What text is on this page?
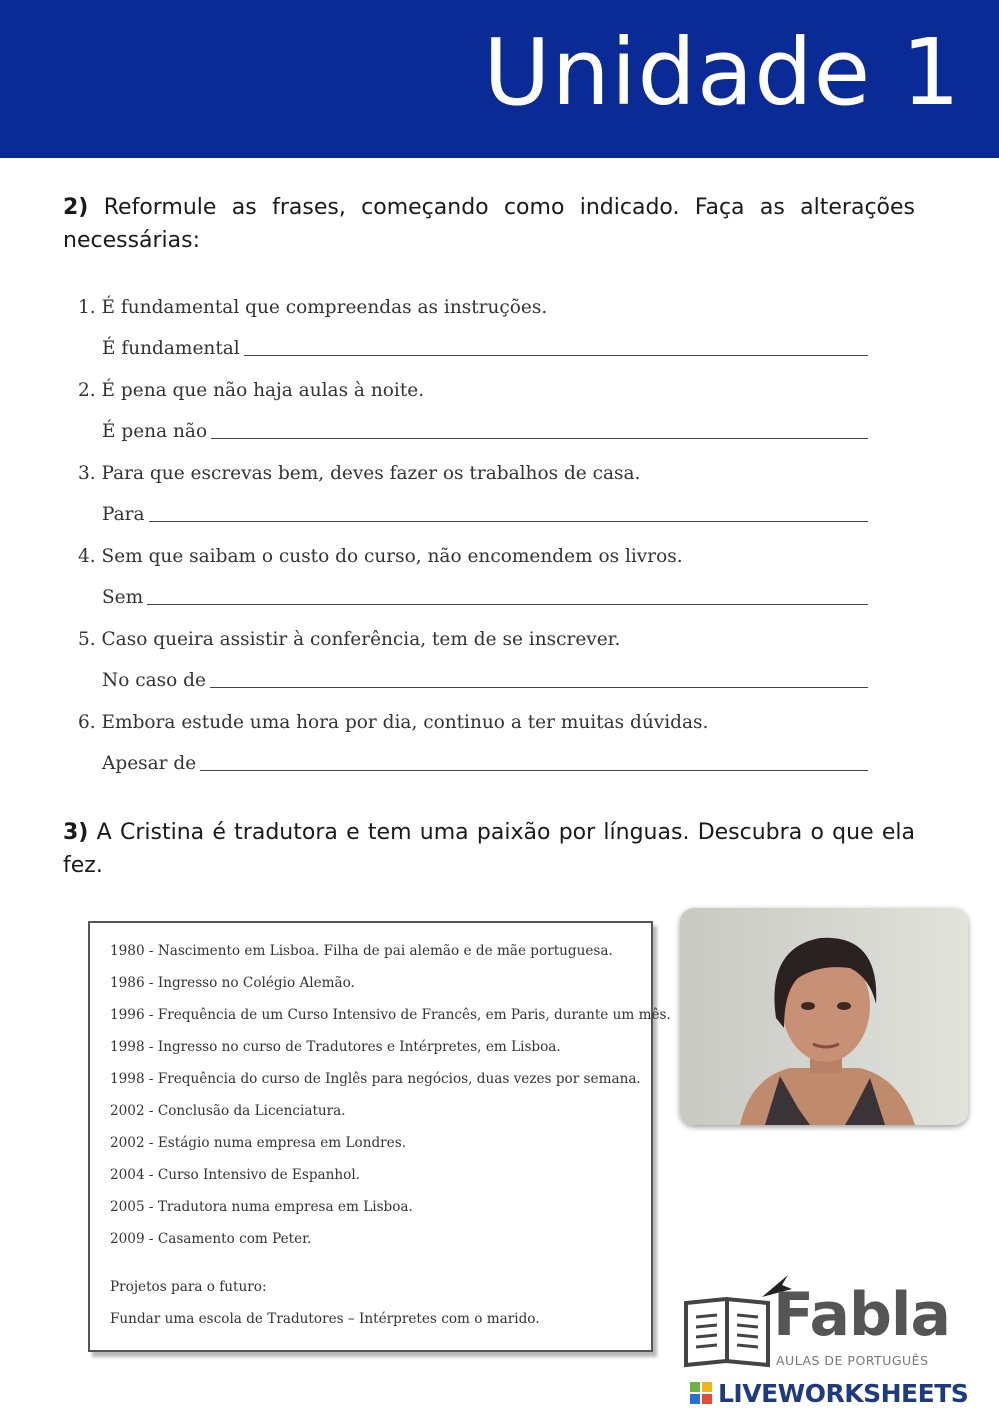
Unidade 1
2) Reformule as frases, começando como indicado. Faça as alterações necessárias:
1. É fundamental que compreendas as instruções.
É fundamental
2. É pena que não haja aulas à noite.
É pena não
3. Para que escrevas bem, deves fazer os trabalhos de casa.
Para
4. Sem que saibam o custo do curso, não encomendem os livros.
Sem
5. Caso queira assistir à conferência, tem de se inscrever.
No caso de
6. Embora estude uma hora por dia, continuo a ter muitas dúvidas.
Apesar de
3) A Cristina é tradutora e tem uma paixão por línguas. Descubra o que ela fez.
1980 - Nascimento em Lisboa. Filha de pai alemão e de mãe portuguesa.
1986 - Ingresso no Colégio Alemão.
1996 - Frequência de um Curso Intensivo de Francês, em Paris, durante um mês.
1998 - Ingresso no curso de Tradutores e Intérpretes, em Lisboa.
1998 - Frequência do curso de Inglês para negócios, duas vezes por semana.
2002 - Conclusão da Licenciatura.
2002 - Estágio numa empresa em Londres.
2004 - Curso Intensivo de Espanhol.
2005 - Tradutora numa empresa em Lisboa.
2009 - Casamento com Peter.
Projetos para o futuro:
Fundar uma escola de Tradutores – Intérpretes com o marido.	Fabla
AULAS DE PORTUGUÊS
LIVEWORKSHEETS
